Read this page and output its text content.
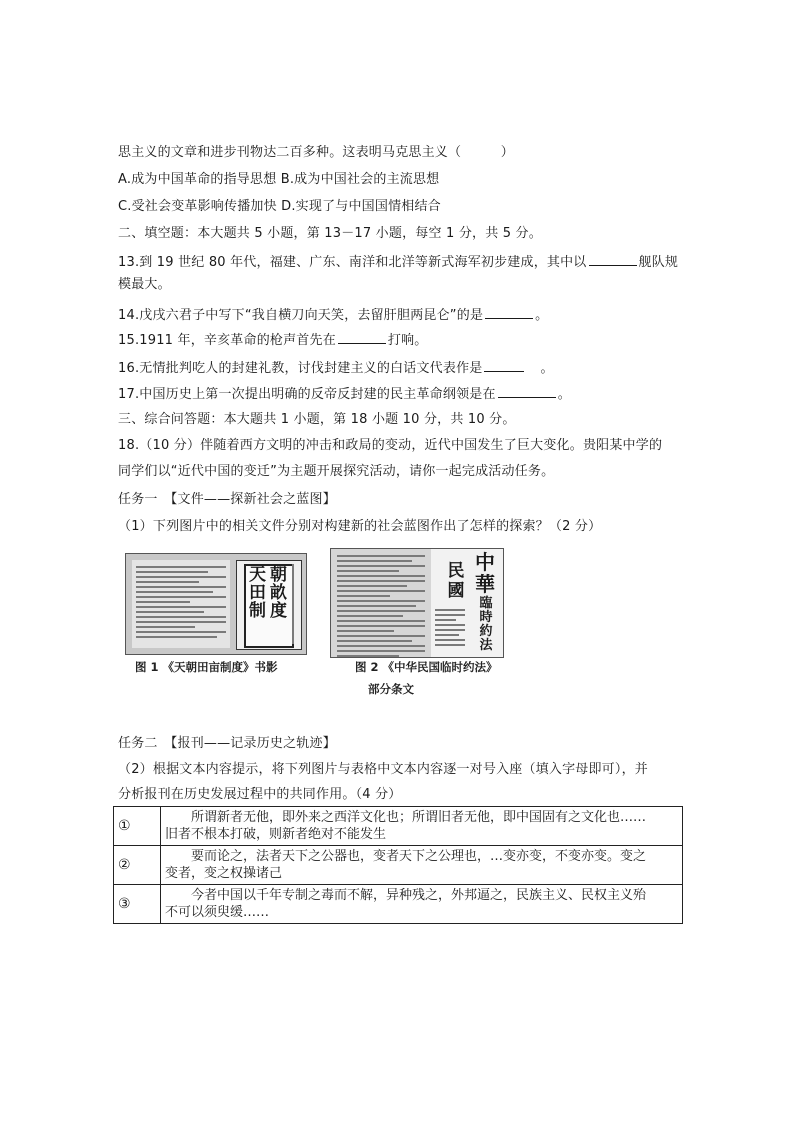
思主义的文章和进步刊物达二百多种。这表明马克思主义（　　　）
A.成为中国革命的指导思想 B.成为中国社会的主流思想
C.受社会变革影响传播加快 D.实现了与中国国情相结合
二、填空题：本大题共 5 小题，第 13－17 小题，每空 1 分，共 5 分。
13.到 19 世纪 80 年代，福建、广东、南洋和北洋等新式海军初步建成，其中以	舰队规
模最大。
14.戊戌六君子中写下“我自横刀向天笑，去留肝胆两昆仑”的是	。
15.1911 年，辛亥革命的枪声首先在	打响。
16.无情批判吃人的封建礼教，讨伐封建主义的白话文代表作是	。
17.中国历史上第一次提出明确的反帝反封建的民主革命纲领是在	。
三、综合问答题：本大题共 1 小题，第 18 小题 10 分，共 10 分。
18.（10 分）伴随着西方文明的冲击和政局的变动，近代中国发生了巨大变化。贵阳某中学的
同学们以“近代中国的变迁”为主题开展探究活动，请你一起完成活动任务。
任务一　【文件——探新社会之蓝图】
（1）下列图片中的相关文件分别对构建新的社会蓝图作出了怎样的探索？（2 分）
天 朝
田 畝
制 度
图 1 《天朝田亩制度》书影
中
華
民
國
臨
時
約
法
图 2 《中华民国临时约法》
部分条文
任务二　【报刊——记录历史之轨迹】
（2）根据文本内容提示，将下列图片与表格中文本内容逐一对号入座（填入字母即可），并
分析报刊在历史发展过程中的共同作用。（4 分）
①	所谓新者无他，即外来之西洋文化也；所谓旧者无他，即中国固有之文化也……
旧者不根本打破，则新者绝对不能发生

②	要而论之，法者天下之公器也，变者天下之公理也，…变亦变，不变亦变。变之
变者，变之权操诸己

③	今者中国以千年专制之毒而不解，异种残之，外邦逼之，民族主义、民权主义殆
不可以须臾缓……
